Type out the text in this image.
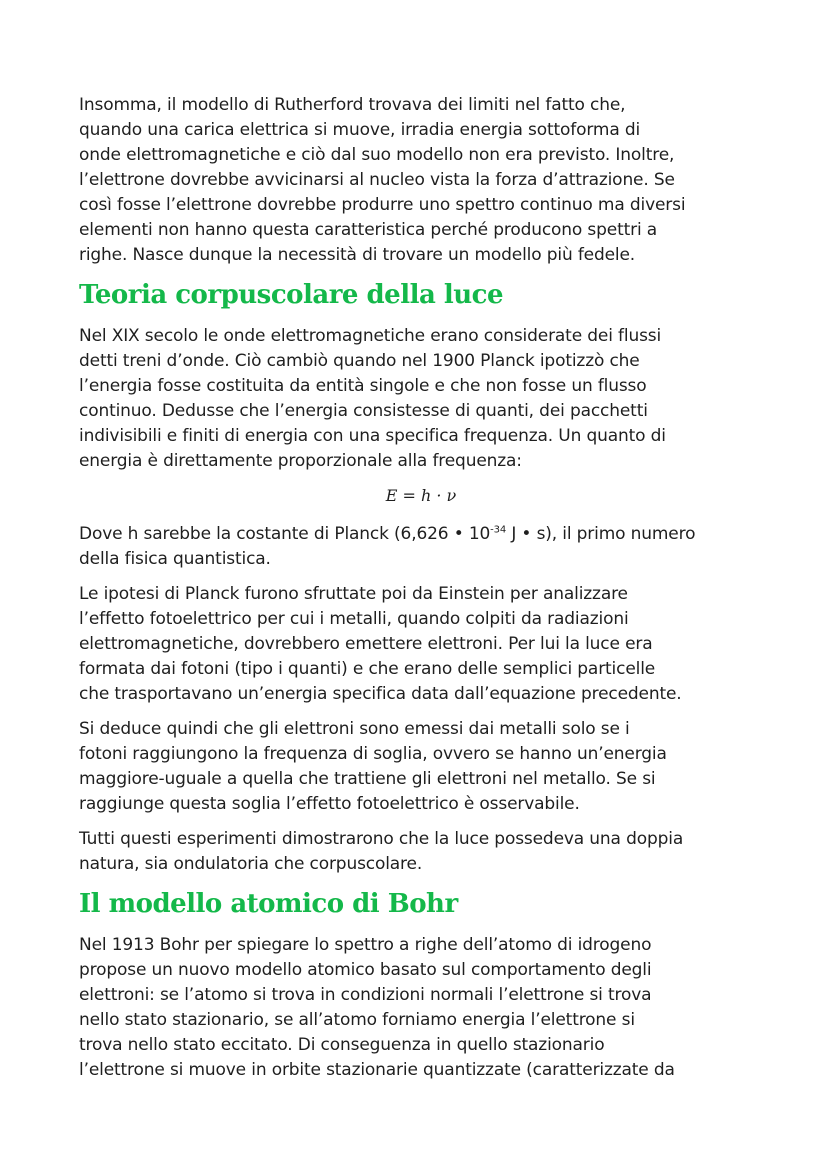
Insomma, il modello di Rutherford trovava dei limiti nel fatto che,
quando una carica elettrica si muove, irradia energia sottoforma di
onde elettromagnetiche e ciò dal suo modello non era previsto. Inoltre,
l’elettrone dovrebbe avvicinarsi al nucleo vista la forza d’attrazione. Se
così fosse l’elettrone dovrebbe produrre uno spettro continuo ma diversi
elementi non hanno questa caratteristica perché producono spettri a
righe. Nasce dunque la necessità di trovare un modello più fedele.

Teoria corpuscolare della luce

Nel XIX secolo le onde elettromagnetiche erano considerate dei flussi
detti treni d’onde. Ciò cambiò quando nel 1900 Planck ipotizzò che
l’energia fosse costituita da entità singole e che non fosse un flusso
continuo. Dedusse che l’energia consistesse di quanti, dei pacchetti
indivisibili e finiti di energia con una specifica frequenza. Un quanto di
energia è direttamente proporzionale alla frequenza:

E = h · ν

Dove h sarebbe la costante di Planck (6,626 • $10^{-34}$ J • s), il primo numero
della fisica quantistica.

Le ipotesi di Planck furono sfruttate poi da Einstein per analizzare
l’effetto fotoelettrico per cui i metalli, quando colpiti da radiazioni
elettromagnetiche, dovrebbero emettere elettroni. Per lui la luce era
formata dai fotoni (tipo i quanti) e che erano delle semplici particelle
che trasportavano un’energia specifica data dall’equazione precedente.

Si deduce quindi che gli elettroni sono emessi dai metalli solo se i
fotoni raggiungono la frequenza di soglia, ovvero se hanno un’energia
maggiore-uguale a quella che trattiene gli elettroni nel metallo. Se si
raggiunge questa soglia l’effetto fotoelettrico è osservabile.

Tutti questi esperimenti dimostrarono che la luce possedeva una doppia
natura, sia ondulatoria che corpuscolare.

Il modello atomico di Bohr

Nel 1913 Bohr per spiegare lo spettro a righe dell’atomo di idrogeno
propose un nuovo modello atomico basato sul comportamento degli
elettroni: se l’atomo si trova in condizioni normali l’elettrone si trova
nello stato stazionario, se all’atomo forniamo energia l’elettrone si
trova nello stato eccitato. Di conseguenza in quello stazionario
l’elettrone si muove in orbite stazionarie quantizzate (caratterizzate da
